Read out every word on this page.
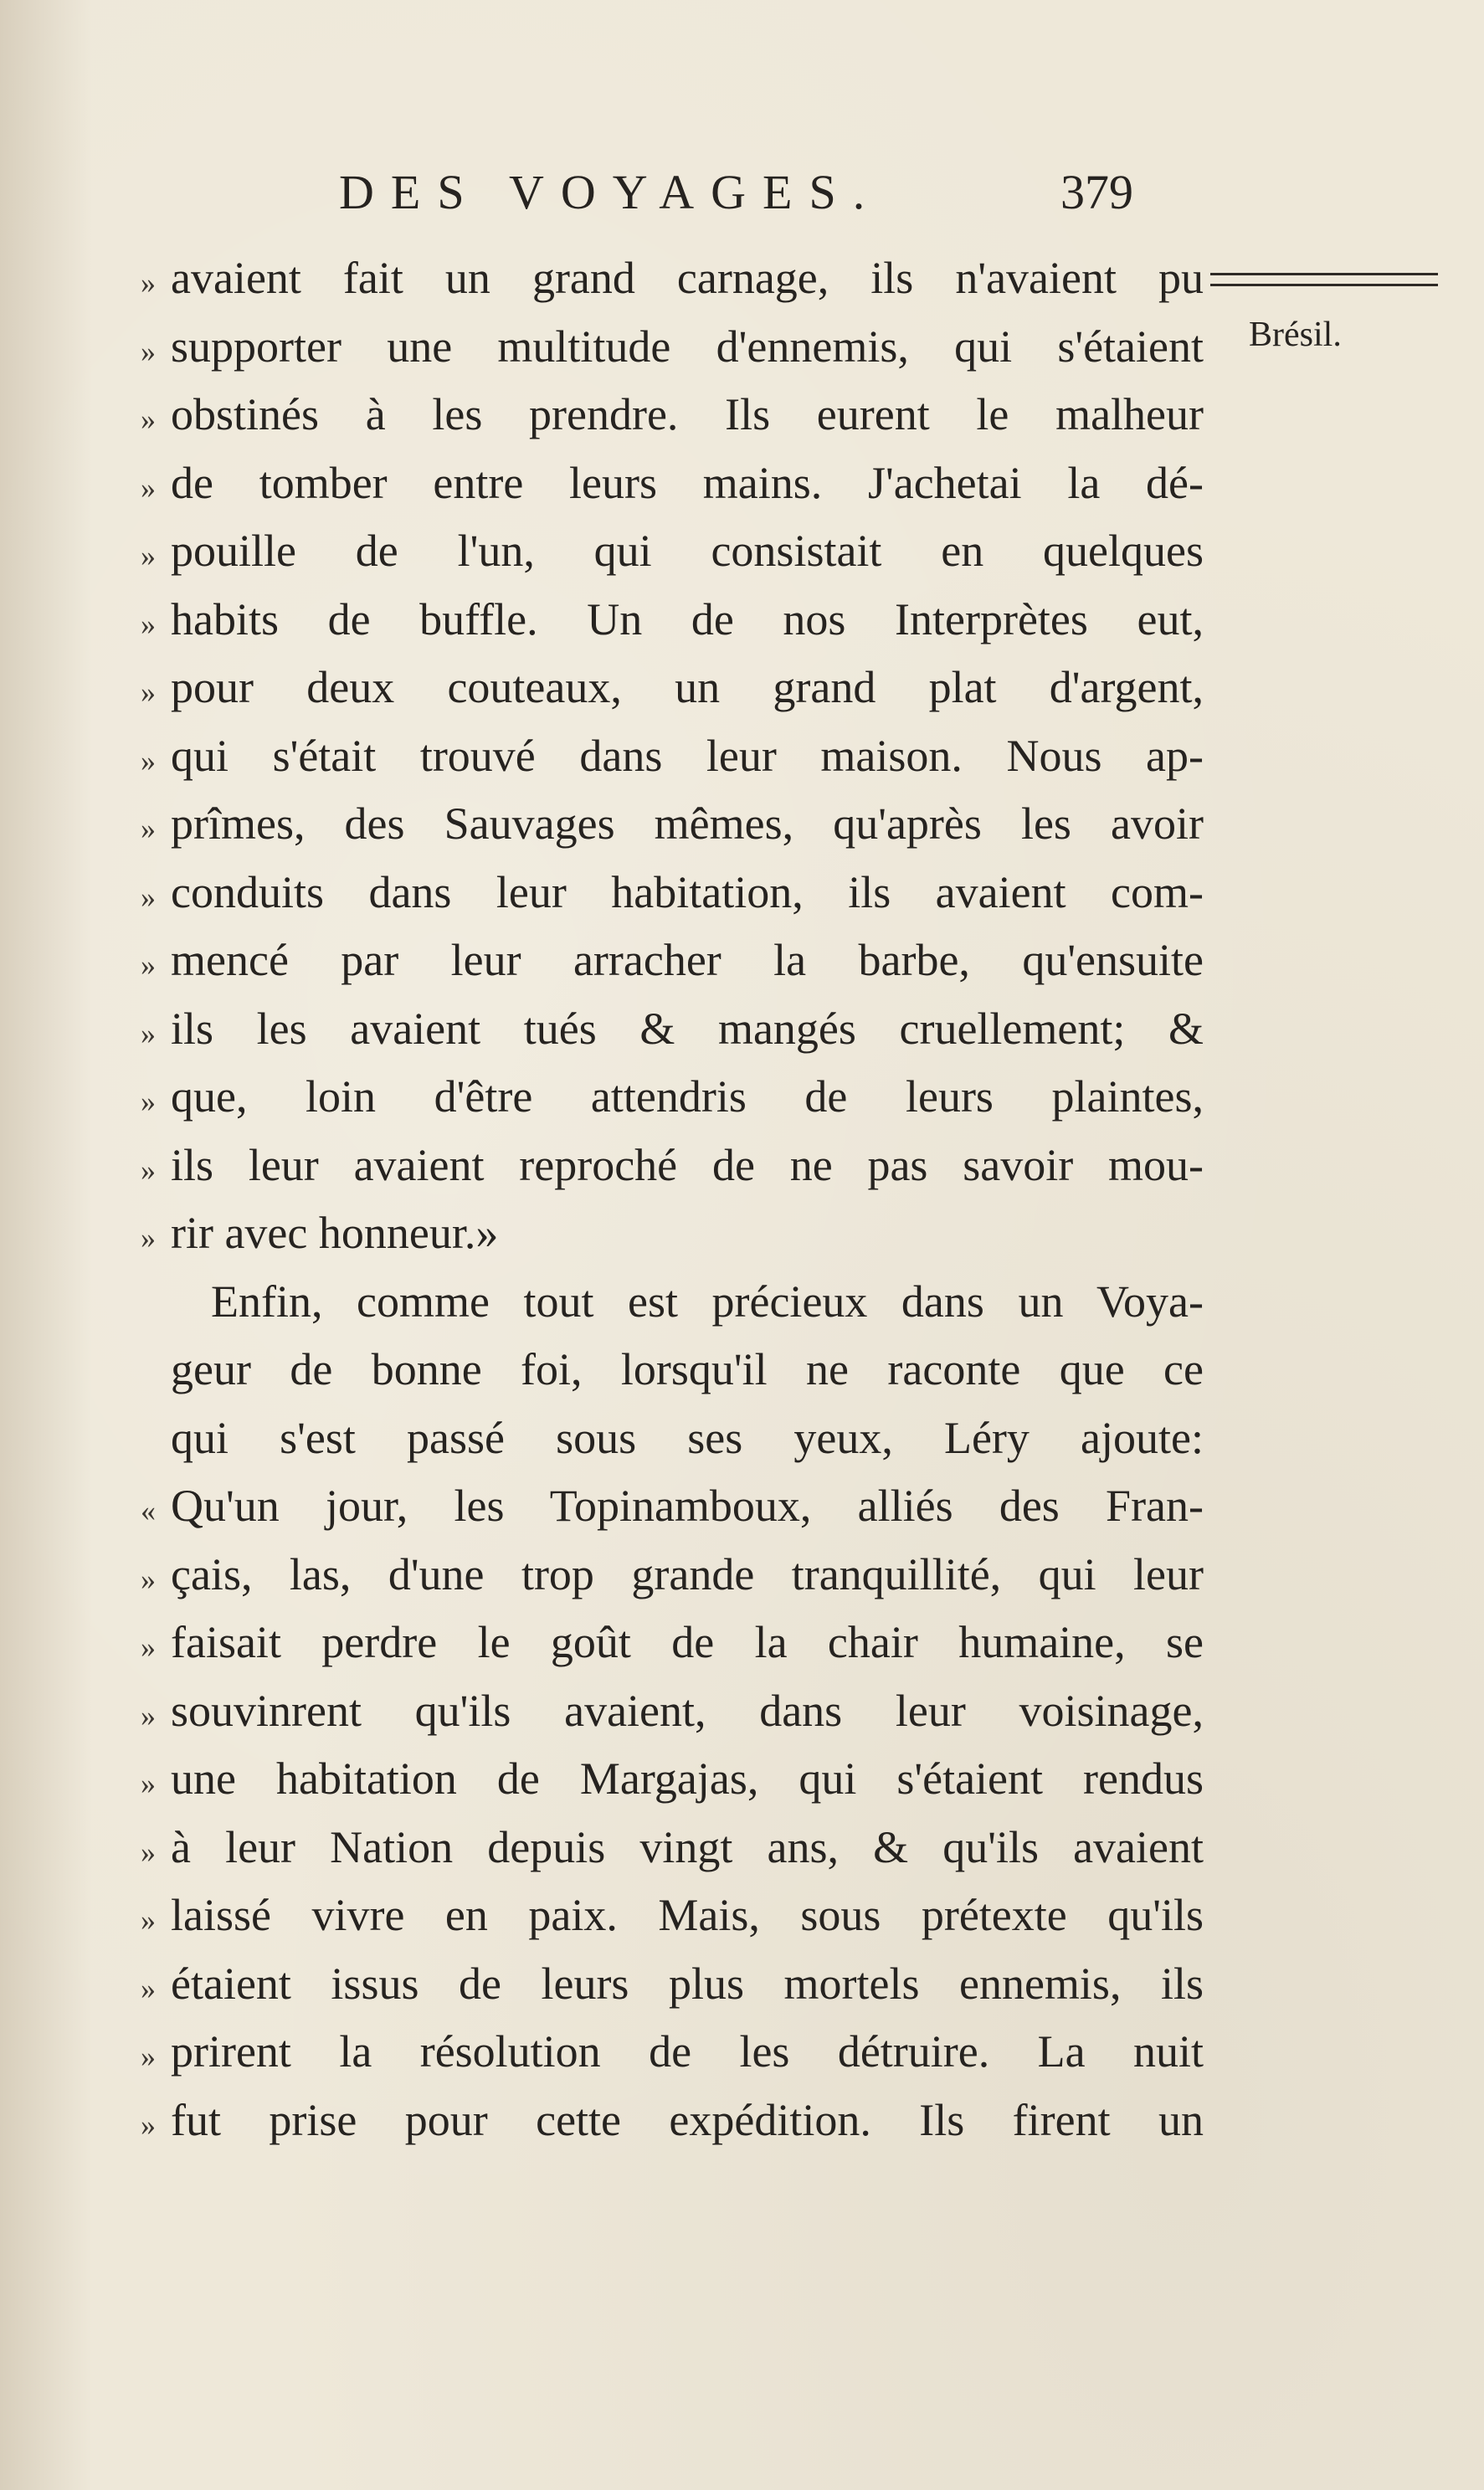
DES VOYAGES.	379
Brésil.
» avaient fait un grand carnage, ils n'avaient pu
» supporter une multitude d'ennemis, qui s'étaient
» obstinés à les prendre. Ils eurent le malheur
» de tomber entre leurs mains. J'achetai la dé-
» pouille de l'un, qui consistait en quelques
» habits de buffle. Un de nos Interprètes eut,
» pour deux couteaux, un grand plat d'argent,
» qui s'était trouvé dans leur maison. Nous ap-
» prîmes, des Sauvages mêmes, qu'après les avoir
» conduits dans leur habitation, ils avaient com-
» mencé par leur arracher la barbe, qu'ensuite
» ils les avaient tués & mangés cruellement; &
» que, loin d'être attendris de leurs plaintes,
» ils leur avaient reproché de ne pas savoir mou-
» rir avec honneur.»
Enfin, comme tout est précieux dans un Voya-
geur de bonne foi, lorsqu'il ne raconte que ce
qui s'est passé sous ses yeux, Léry ajoute:
« Qu'un jour, les Topinamboux, alliés des Fran-
» çais, las, d'une trop grande tranquillité, qui leur
» faisait perdre le goût de la chair humaine, se
» souvinrent qu'ils avaient, dans leur voisinage,
» une habitation de Margajas, qui s'étaient rendus
» à leur Nation depuis vingt ans, & qu'ils avaient
» laissé vivre en paix. Mais, sous prétexte qu'ils
» étaient issus de leurs plus mortels ennemis, ils
» prirent la résolution de les détruire. La nuit
» fut prise pour cette expédition. Ils firent un
